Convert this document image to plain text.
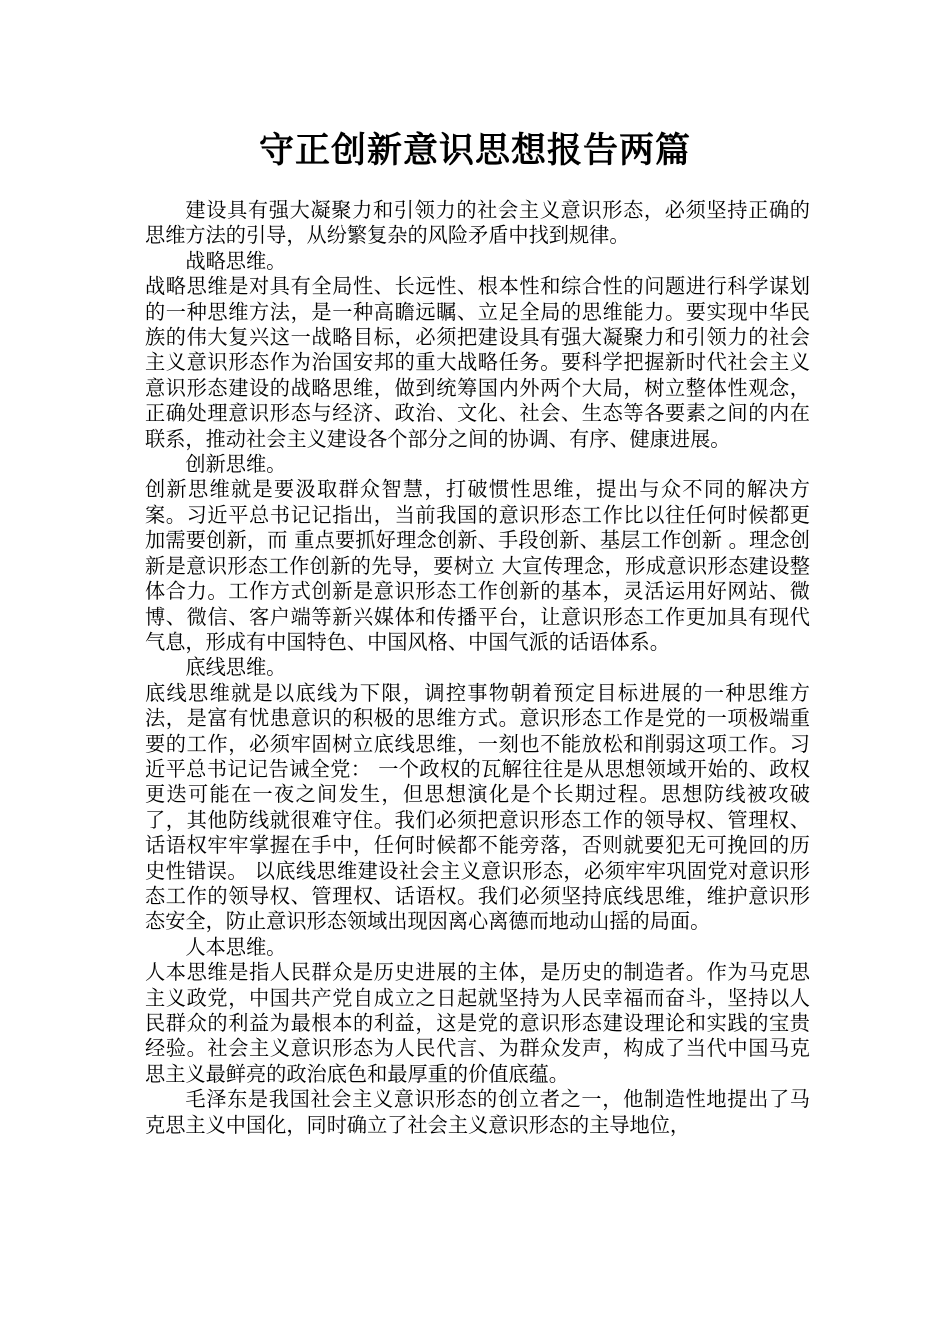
守正创新意识思想报告两篇

建设具有强大凝聚力和引领力的社会主义意识形态，必须坚持正确的思维方法的引导，从纷繁复杂的风险矛盾中找到规律。

战略思维。

战略思维是对具有全局性、长远性、根本性和综合性的问题进行科学谋划的一种思维方法，是一种高瞻远瞩、立足全局的思维能力。要实现中华民族的伟大复兴这一战略目标，必须把建设具有强大凝聚力和引领力的社会主义意识形态作为治国安邦的重大战略任务。要科学把握新时代社会主义意识形态建设的战略思维，做到统筹国内外两个大局，树立整体性观念，正确处理意识形态与经济、政治、文化、社会、生态等各要素之间的内在联系，推动社会主义建设各个部分之间的协调、有序、健康进展。

创新思维。

创新思维就是要汲取群众智慧，打破惯性思维，提出与众不同的解决方案。习近平总书记记指出，当前我国的意识形态工作比以往任何时候都更加需要创新，而 重点要抓好理念创新、手段创新、基层工作创新 。理念创新是意识形态工作创新的先导，要树立 大宣传理念，形成意识形态建设整体合力。工作方式创新是意识形态工作创新的基本，灵活运用好网站、微博、微信、客户端等新兴媒体和传播平台，让意识形态工作更加具有现代气息，形成有中国特色、中国风格、中国气派的话语体系。

底线思维。

底线思维就是以底线为下限，调控事物朝着预定目标进展的一种思维方法，是富有忧患意识的积极的思维方式。意识形态工作是党的一项极端重要的工作，必须牢固树立底线思维，一刻也不能放松和削弱这项工作。习近平总书记记告诫全党： 一个政权的瓦解往往是从思想领域开始的、政权更迭可能在一夜之间发生，但思想演化是个长期过程。思想防线被攻破了，其他防线就很难守住。我们必须把意识形态工作的领导权、管理权、话语权牢牢掌握在手中，任何时候都不能旁落，否则就要犯无可挽回的历史性错误。 以底线思维建设社会主义意识形态，必须牢牢巩固党对意识形态工作的领导权、管理权、话语权。我们必须坚持底线思维，维护意识形态安全，防止意识形态领域出现因离心离德而地动山摇的局面。

人本思维。

人本思维是指人民群众是历史进展的主体，是历史的制造者。作为马克思主义政党，中国共产党自成立之日起就坚持为人民幸福而奋斗，坚持以人民群众的利益为最根本的利益，这是党的意识形态建设理论和实践的宝贵经验。社会主义意识形态为人民代言、为群众发声，构成了当代中国马克思主义最鲜亮的政治底色和最厚重的价值底蕴。

毛泽东是我国社会主义意识形态的创立者之一，他制造性地提出了马克思主义中国化，同时确立了社会主义意识形态的主导地位，
